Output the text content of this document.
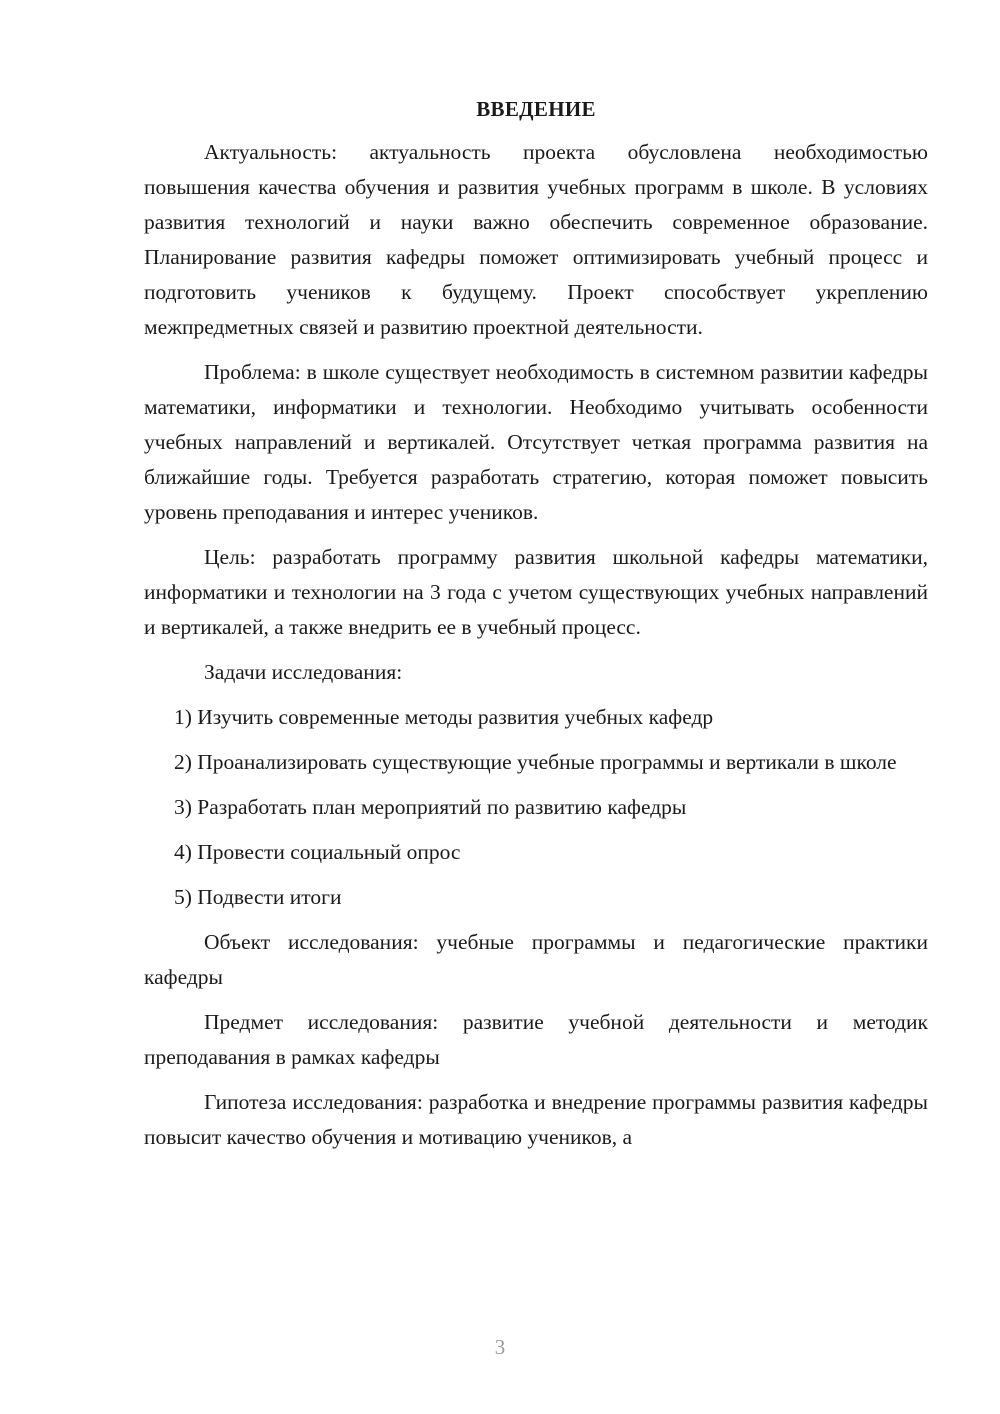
ВВЕДЕНИЕ

Актуальность: актуальность проекта обусловлена необходимостью повышения качества обучения и развития учебных программ в школе. В условиях развития технологий и науки важно обеспечить современное образование. Планирование развития кафедры поможет оптимизировать учебный процесс и подготовить учеников к будущему. Проект способствует укреплению межпредметных связей и развитию проектной деятельности.

Проблема: в школе существует необходимость в системном развитии кафедры математики, информатики и технологии. Необходимо учитывать особенности учебных направлений и вертикалей. Отсутствует четкая программа развития на ближайшие годы. Требуется разработать стратегию, которая поможет повысить уровень преподавания и интерес учеников.

Цель: разработать программу развития школьной кафедры математики, информатики и технологии на 3 года с учетом существующих учебных направлений и вертикалей, а также внедрить ее в учебный процесс.

Задачи исследования:

1) Изучить современные методы развития учебных кафедр

2) Проанализировать существующие учебные программы и вертикали в школе

3) Разработать план мероприятий по развитию кафедры

4) Провести социальный опрос

5) Подвести итоги

Объект исследования: учебные программы и педагогические практики кафедры

Предмет исследования: развитие учебной деятельности и методик преподавания в рамках кафедры

Гипотеза исследования: разработка и внедрение программы развития кафедры повысит качество обучения и мотивацию учеников, а

3
